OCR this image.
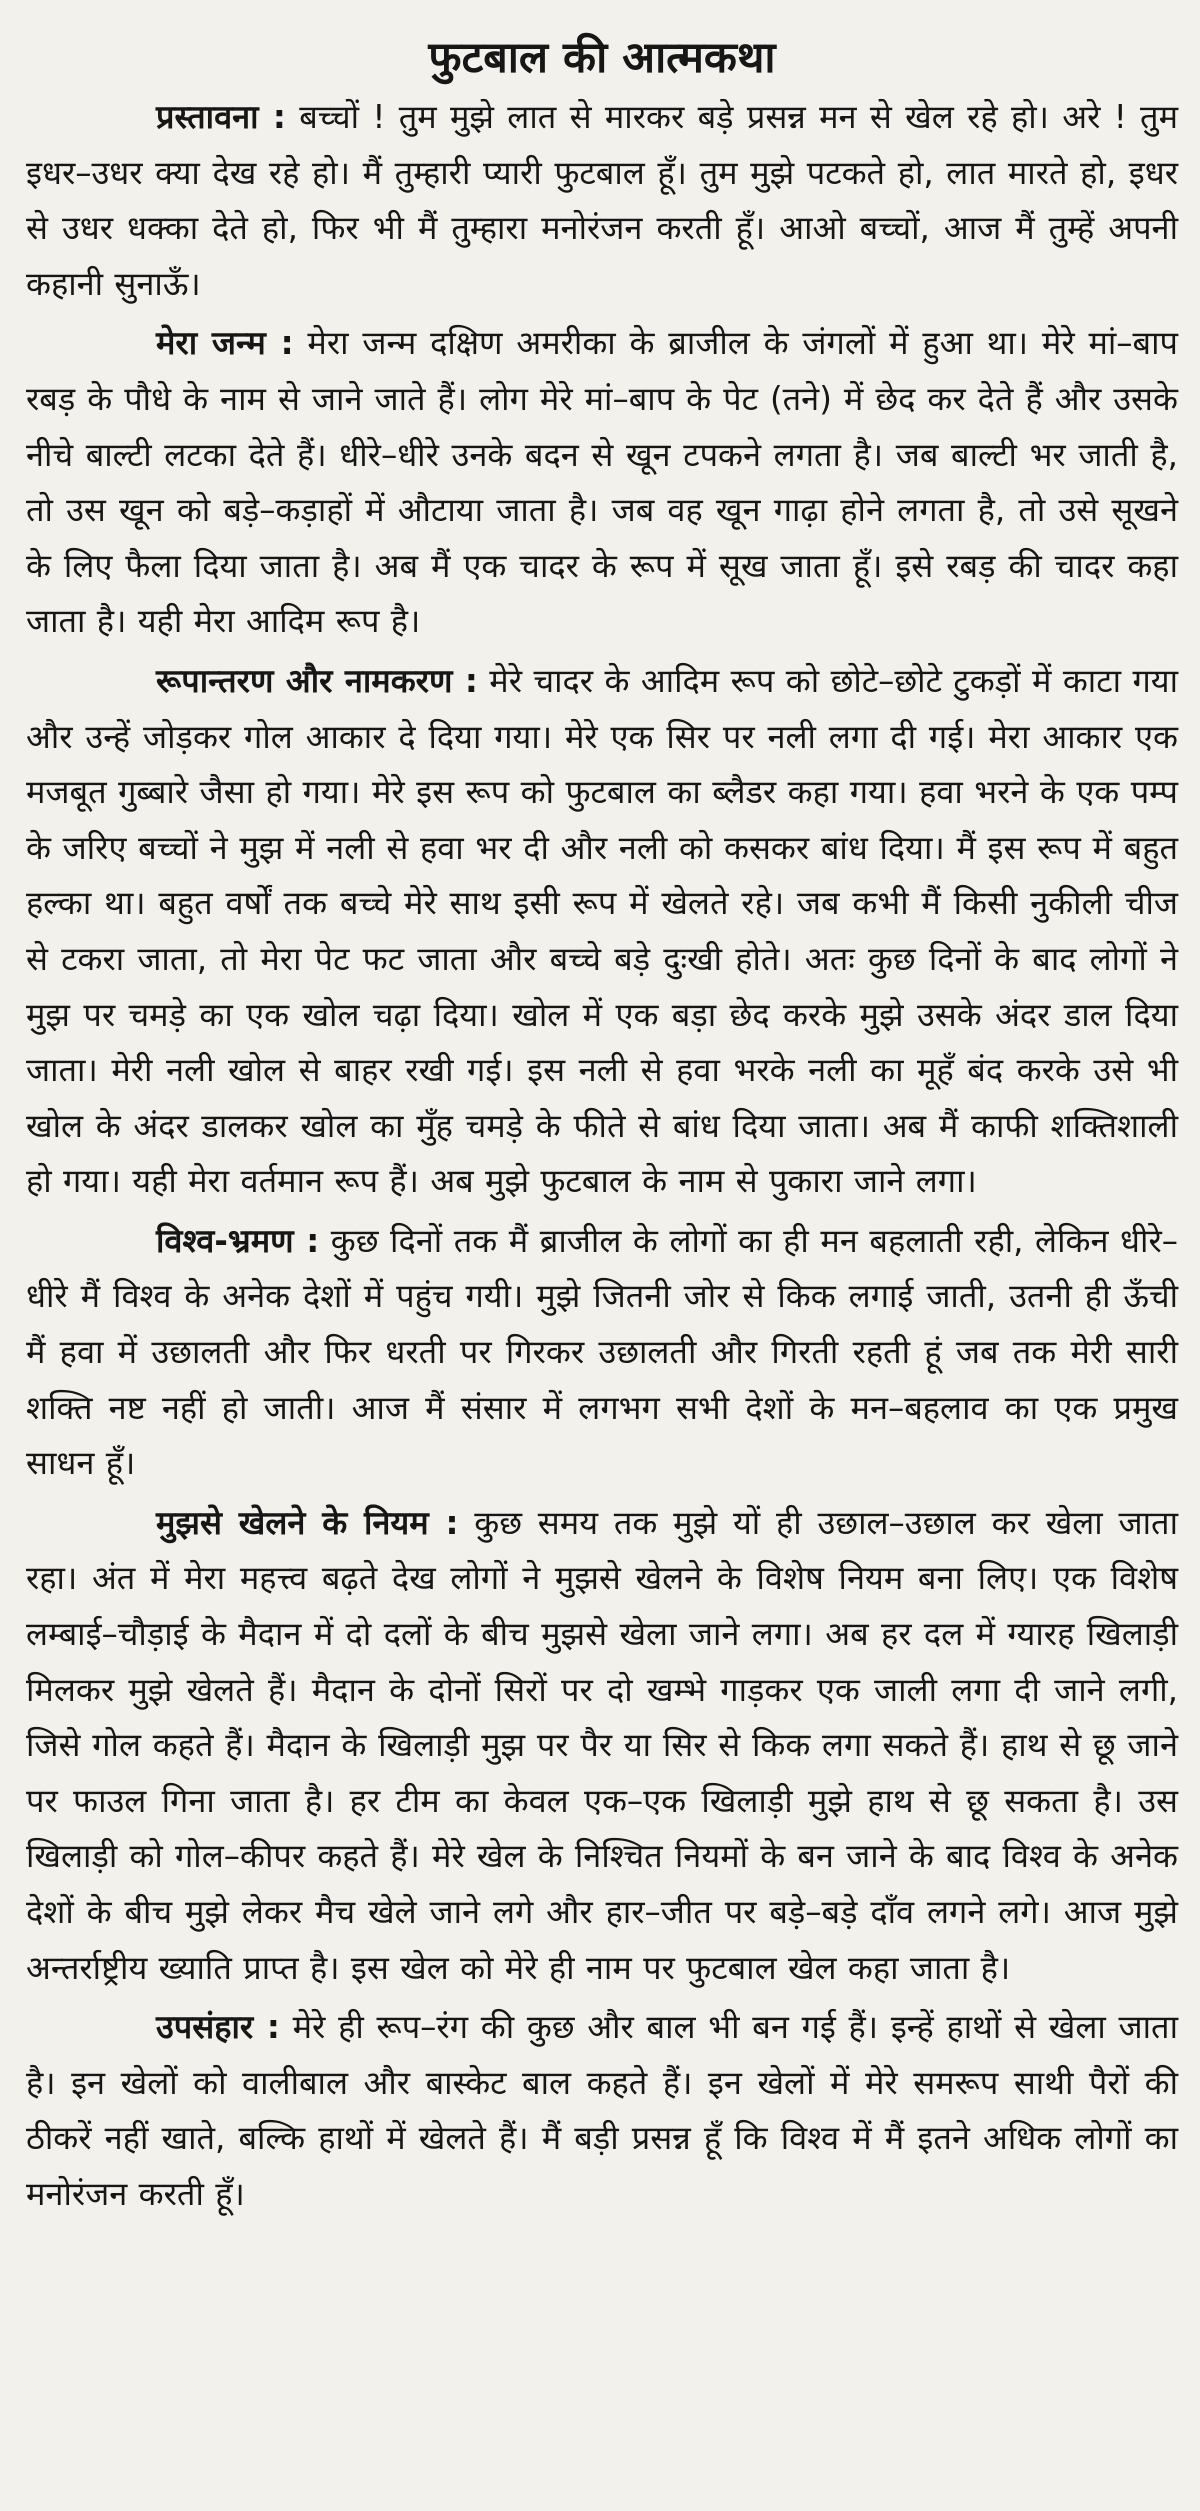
फुटबाल की आत्मकथा

प्रस्तावना : बच्चों ! तुम मुझे लात से मारकर बड़े प्रसन्न मन से खेल रहे हो। अरे ! तुम इधर–उधर क्या देख रहे हो। मैं तुम्हारी प्यारी फुटबाल हूँ। तुम मुझे पटकते हो, लात मारते हो, इधर से उधर धक्का देते हो, फिर भी मैं तुम्हारा मनोरंजन करती हूँ। आओ बच्चों, आज मैं तुम्हें अपनी कहानी सुनाऊँ।

मेरा जन्म : मेरा जन्म दक्षिण अमरीका के ब्राजील के जंगलों में हुआ था। मेरे मां–बाप रबड़ के पौधे के नाम से जाने जाते हैं। लोग मेरे मां–बाप के पेट (तने) में छेद कर देते हैं और उसके नीचे बाल्टी लटका देते हैं। धीरे–धीरे उनके बदन से खून टपकने लगता है। जब बाल्टी भर जाती है, तो उस खून को बड़े–कड़ाहों में औटाया जाता है। जब वह खून गाढ़ा होने लगता है, तो उसे सूखने के लिए फैला दिया जाता है। अब मैं एक चादर के रूप में सूख जाता हूँ। इसे रबड़ की चादर कहा जाता है। यही मेरा आदिम रूप है।

रूपान्तरण और नामकरण : मेरे चादर के आदिम रूप को छोटे–छोटे टुकड़ों में काटा गया और उन्हें जोड़कर गोल आकार दे दिया गया। मेरे एक सिर पर नली लगा दी गई। मेरा आकार एक मजबूत गुब्बारे जैसा हो गया। मेरे इस रूप को फुटबाल का ब्लैडर कहा गया। हवा भरने के एक पम्प के जरिए बच्चों ने मुझ में नली से हवा भर दी और नली को कसकर बांध दिया। मैं इस रूप में बहुत हल्का था। बहुत वर्षों तक बच्चे मेरे साथ इसी रूप में खेलते रहे। जब कभी मैं किसी नुकीली चीज से टकरा जाता, तो मेरा पेट फट जाता और बच्चे बड़े दुःखी होते। अतः कुछ दिनों के बाद लोगों ने मुझ पर चमड़े का एक खोल चढ़ा दिया। खोल में एक बड़ा छेद करके मुझे उसके अंदर डाल दिया जाता। मेरी नली खोल से बाहर रखी गई। इस नली से हवा भरके नली का मूहँ बंद करके उसे भी खोल के अंदर डालकर खोल का मुँह चमड़े के फीते से बांध दिया जाता। अब मैं काफी शक्तिशाली हो गया। यही मेरा वर्तमान रूप हैं। अब मुझे फुटबाल के नाम से पुकारा जाने लगा।

विश्व-भ्रमण : कुछ दिनों तक मैं ब्राजील के लोगों का ही मन बहलाती रही, लेकिन धीरे–धीरे मैं विश्व के अनेक देशों में पहुंच गयी। मुझे जितनी जोर से किक लगाई जाती, उतनी ही ऊँची मैं हवा में उछालती और फिर धरती पर गिरकर उछालती और गिरती रहती हूं जब तक मेरी सारी शक्ति नष्ट नहीं हो जाती। आज मैं संसार में लगभग सभी देशों के मन–बहलाव का एक प्रमुख साधन हूँ।

मुझसे खेलने के नियम : कुछ समय तक मुझे यों ही उछाल–उछाल कर खेला जाता रहा। अंत में मेरा महत्त्व बढ़ते देख लोगों ने मुझसे खेलने के विशेष नियम बना लिए। एक विशेष लम्बाई–चौड़ाई के मैदान में दो दलों के बीच मुझसे खेला जाने लगा। अब हर दल में ग्यारह खिलाड़ी मिलकर मुझे खेलते हैं। मैदान के दोनों सिरों पर दो खम्भे गाड़कर एक जाली लगा दी जाने लगी, जिसे गोल कहते हैं। मैदान के खिलाड़ी मुझ पर पैर या सिर से किक लगा सकते हैं। हाथ से छू जाने पर फाउल गिना जाता है। हर टीम का केवल एक–एक खिलाड़ी मुझे हाथ से छू सकता है। उस खिलाड़ी को गोल–कीपर कहते हैं। मेरे खेल के निश्चित नियमों के बन जाने के बाद विश्व के अनेक देशों के बीच मुझे लेकर मैच खेले जाने लगे और हार–जीत पर बड़े–बड़े दाँव लगने लगे। आज मुझे अन्तर्राष्ट्रीय ख्याति प्राप्त है। इस खेल को मेरे ही नाम पर फुटबाल खेल कहा जाता है।

उपसंहार : मेरे ही रूप–रंग की कुछ और बाल भी बन गई हैं। इन्हें हाथों से खेला जाता है। इन खेलों को वालीबाल और बास्केट बाल कहते हैं। इन खेलों में मेरे समरूप साथी पैरों की ठीकरें नहीं खाते, बल्कि हाथों में खेलते हैं। मैं बड़ी प्रसन्न हूँ कि विश्व में मैं इतने अधिक लोगों का मनोरंजन करती हूँ।
